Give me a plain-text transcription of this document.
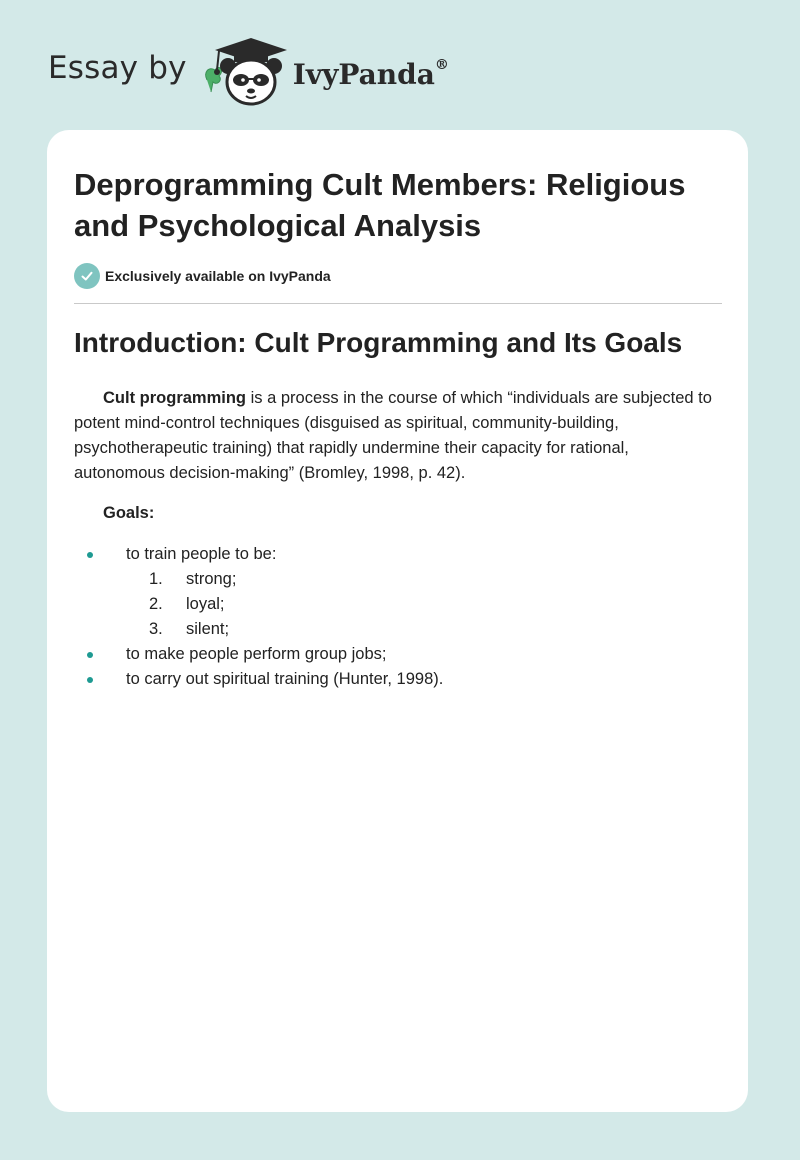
Essay by	IvyPanda®
Deprogramming Cult Members: Religious and Psychological Analysis
Exclusively available on IvyPanda
Introduction: Cult Programming and Its Goals

Cult programming is a process in the course of which “individuals are subjected to potent mind-control techniques (disguised as spiritual, community-building, psychotherapeutic training) that rapidly undermine their capacity for rational, autonomous decision-making” (Bromley, 1998, p. 42).

Goals:

to train people to be:
1. strong;
2. loyal;
3. silent;
to make people perform group jobs;
to carry out spiritual training (Hunter, 1998).
